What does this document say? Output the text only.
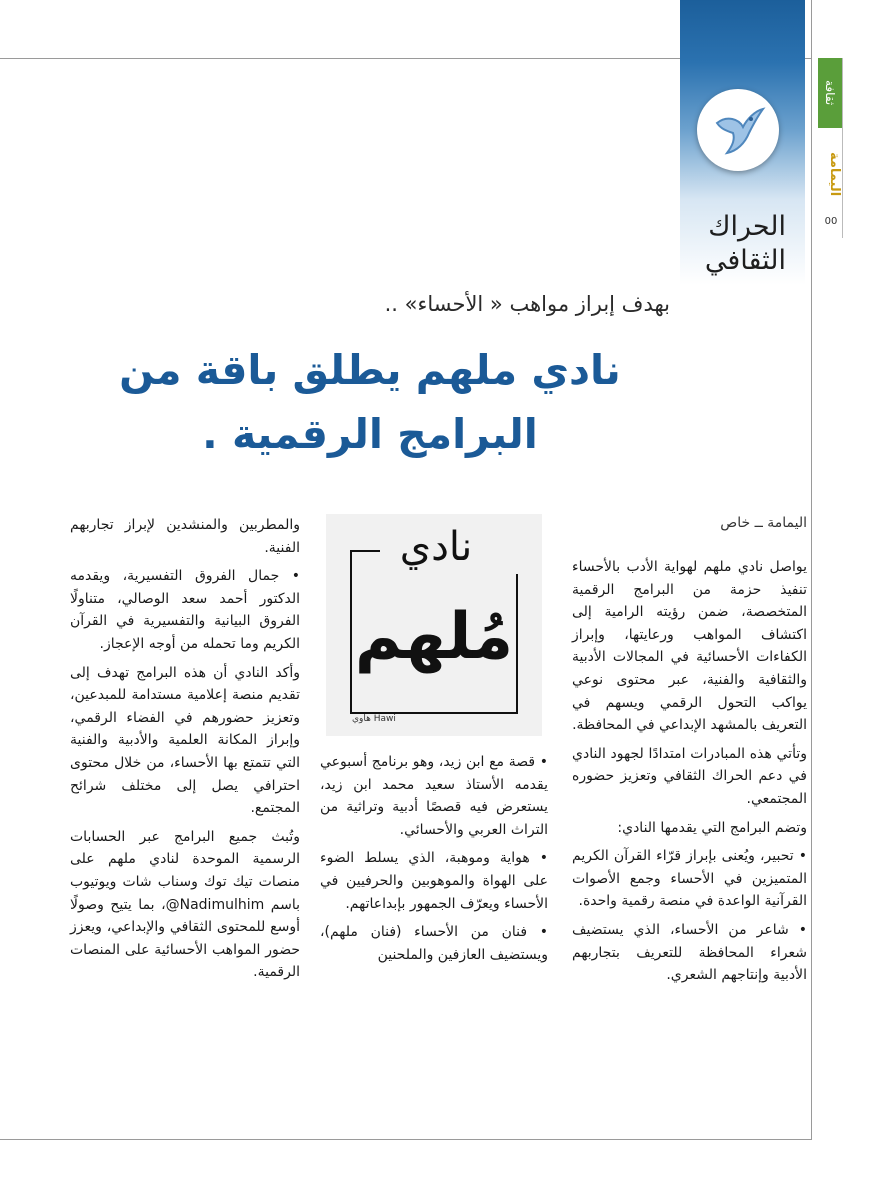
الحراك الثقافي
ثقافة
اليمامة
00
بهدف إبراز مواهب « الأحساء» ..
نادي ملهم يطلق باقة من البرامج الرقمية .
اليمامة ــ خاص

يواصل نادي ملهم لهواية الأدب بالأحساء تنفيذ حزمة من البرامج الرقمية المتخصصة، ضمن رؤيته الرامية إلى اكتشاف المواهب ورعايتها، وإبراز الكفاءات الأحسائية في المجالات الأدبية والثقافية والفنية، عبر محتوى نوعي يواكب التحول الرقمي ويسهم في التعريف بالمشهد الإبداعي في المحافظة.

وتأتي هذه المبادرات امتدادًا لجهود النادي في دعم الحراك الثقافي وتعزيز حضوره المجتمعي.

وتضم البرامج التي يقدمها النادي:

• تحبير، ويُعنى بإبراز قرّاء القرآن الكريم المتميزين في الأحساء وجمع الأصوات القرآنية الواعدة في منصة رقمية واحدة.

• شاعر من الأحساء، الذي يستضيف شعراء المحافظة للتعريف بتجاربهم الأدبية وإنتاجهم الشعري.

نادي
مُلهم
Hawi هاوي

• قصة مع ابن زيد، وهو برنامج أسبوعي يقدمه الأستاذ سعيد محمد ابن زيد، يستعرض فيه قصصًا أدبية وتراثية من التراث العربي والأحسائي.

• هواية وموهبة، الذي يسلط الضوء على الهواة والموهوبين والحرفيين في الأحساء ويعرّف الجمهور بإبداعاتهم.

• فنان من الأحساء (فنان ملهم)، ويستضيف العازفين والملحنين

والمطربين والمنشدين لإبراز تجاربهم الفنية.

• جمال الفروق التفسيرية، ويقدمه الدكتور أحمد سعد الوصالي، متناولًا الفروق البيانية والتفسيرية في القرآن الكريم وما تحمله من أوجه الإعجاز.

وأكد النادي أن هذه البرامج تهدف إلى تقديم منصة إعلامية مستدامة للمبدعين، وتعزيز حضورهم في الفضاء الرقمي، وإبراز المكانة العلمية والأدبية والفنية التي تتمتع بها الأحساء، من خلال محتوى احترافي يصل إلى مختلف شرائح المجتمع.

وتُبث جميع البرامج عبر الحسابات الرسمية الموحدة لنادي ملهم على منصات تيك توك وسناب شات ويوتيوب باسم ‎@Nadimulhim‎، بما يتيح وصولًا أوسع للمحتوى الثقافي والإبداعي، ويعزز حضور المواهب الأحسائية على المنصات الرقمية.
